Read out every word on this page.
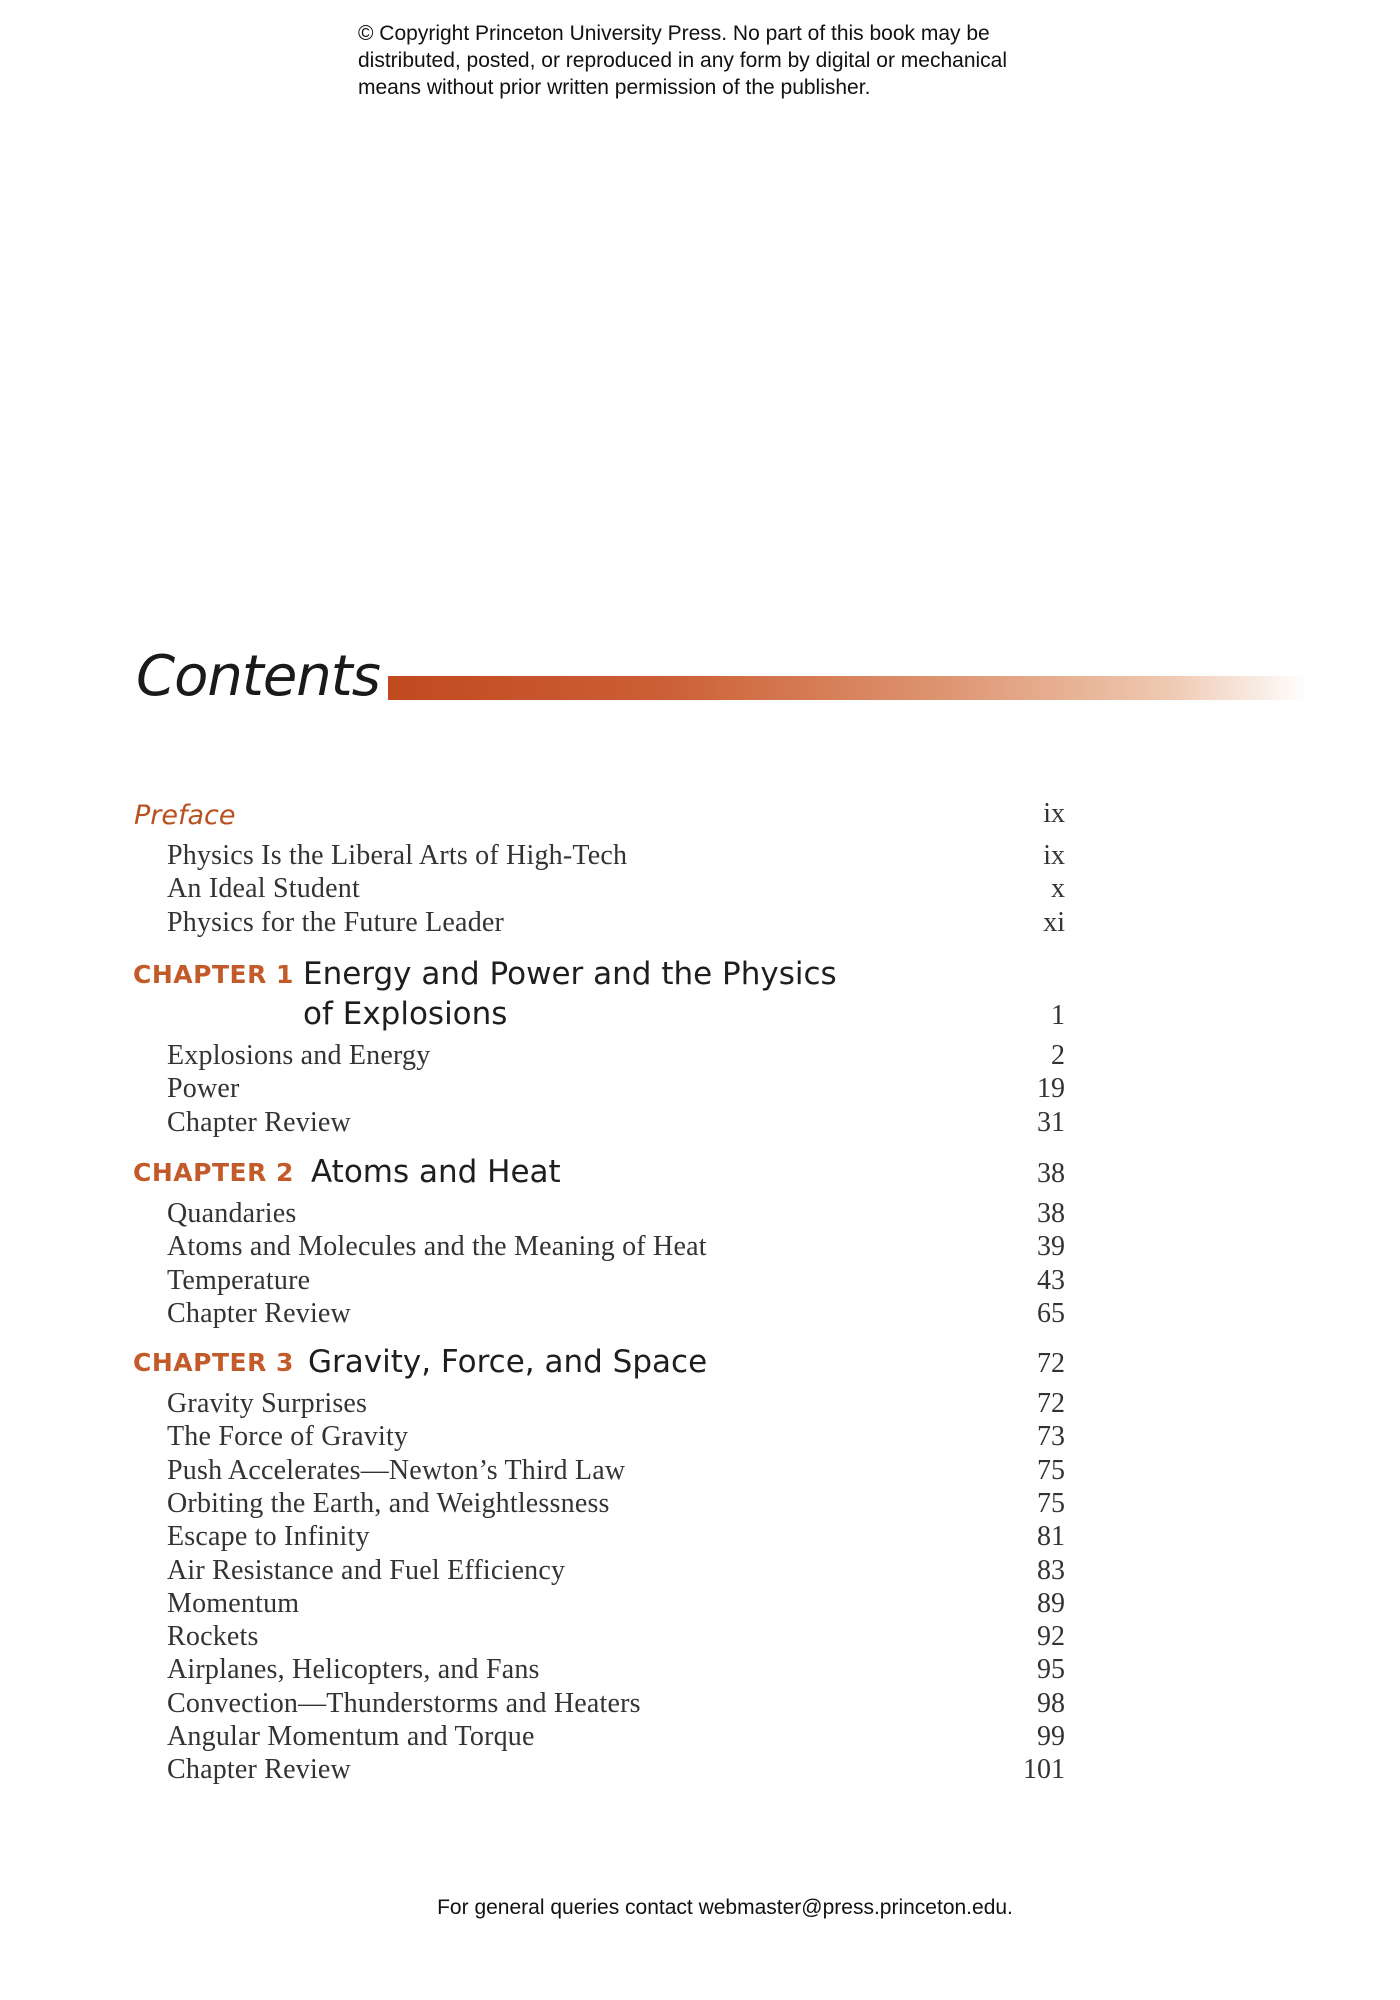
© Copyright Princeton University Press. No part of this book may be
distributed, posted, or reproduced in any form by digital or mechanical
means without prior written permission of the publisher.
Contents
Preface	ix
Physics Is the Liberal Arts of High-Tech	ix
An Ideal Student	x
Physics for the Future Leader	xi
CHAPTER 1 Energy and Power and the Physics
of Explosions	1
Explosions and Energy	2
Power	19
Chapter Review	31
CHAPTER 2 Atoms and Heat	38
Quandaries	38
Atoms and Molecules and the Meaning of Heat	39
Temperature	43
Chapter Review	65
CHAPTER 3 Gravity, Force, and Space	72
Gravity Surprises	72
The Force of Gravity	73
Push Accelerates—Newton’s Third Law	75
Orbiting the Earth, and Weightlessness	75
Escape to Infinity	81
Air Resistance and Fuel Efficiency	83
Momentum	89
Rockets	92
Airplanes, Helicopters, and Fans	95
Convection—Thunderstorms and Heaters	98
Angular Momentum and Torque	99
Chapter Review	101
For general queries contact webmaster@press.princeton.edu.
